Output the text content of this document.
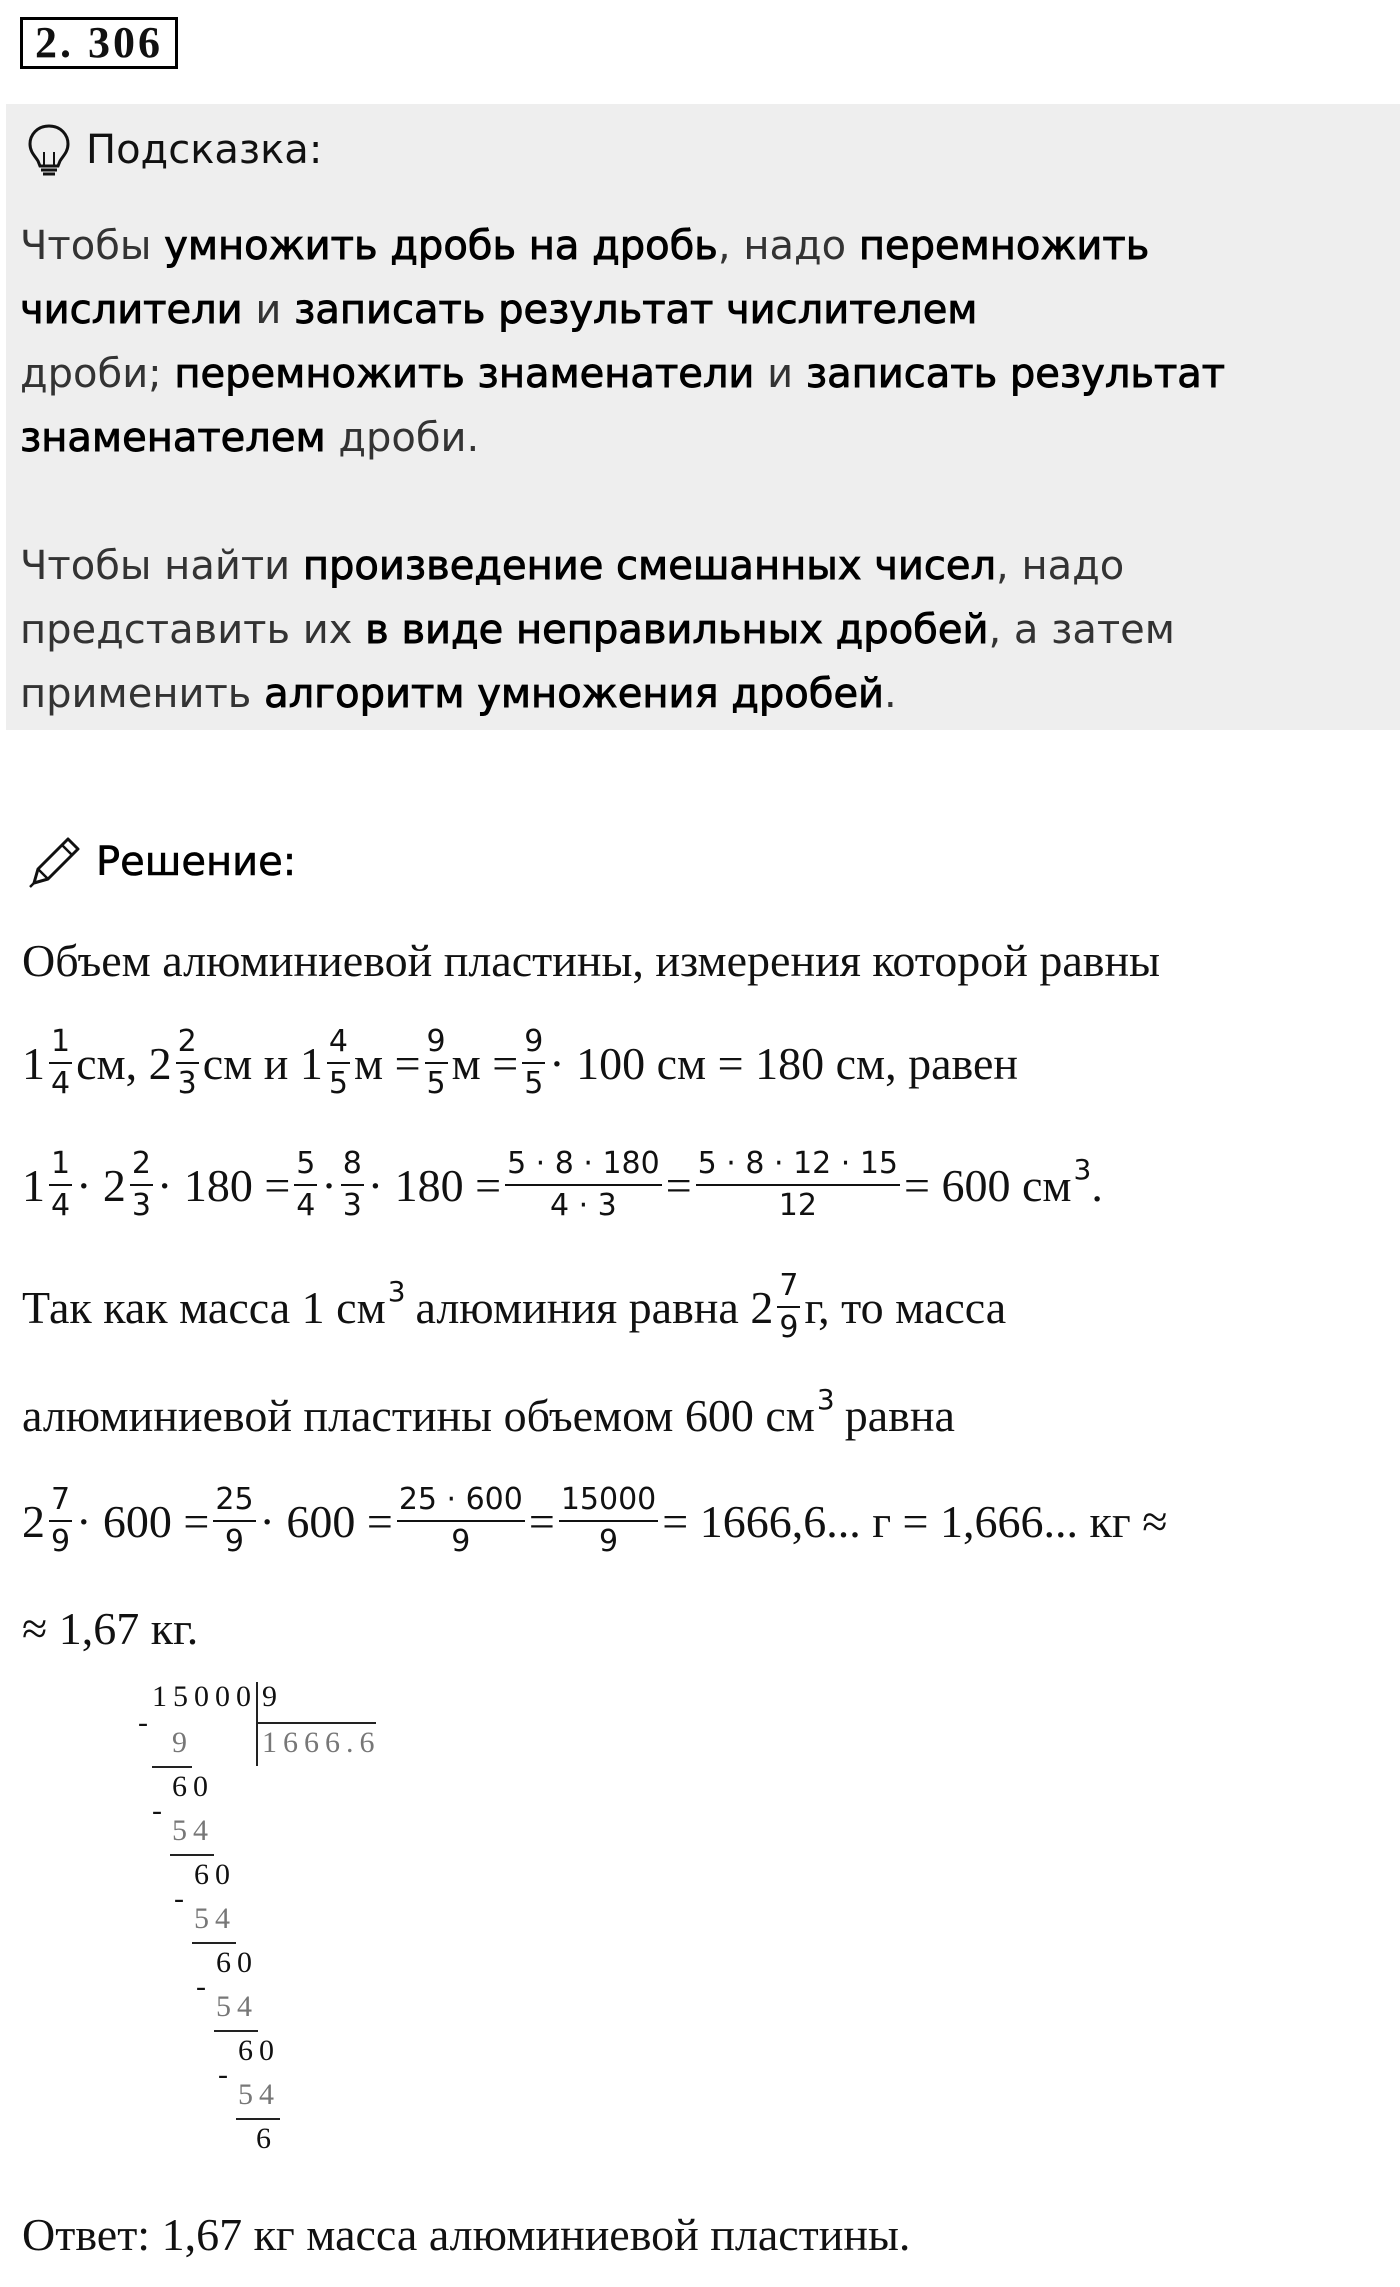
2. 306
Подсказка:
Чтобы умножить дробь на дробь, надо перемножить
числители и записать результат числителем
дроби; перемножить знаменатели и записать результат
знаменателем дроби.
Чтобы найти произведение смешанных чисел, надо
представить их в виде неправильных дробей, а затем
применить алгоритм умножения дробей.
Решение:
Объем алюминиевой пластины, измерения которой равны
$1 \frac{1}{4}$ см, $2 \frac{2}{3}$ см и $1 \frac{4}{5}$ $м = \frac{9}{5}$ $м = \frac{9}{5} \cdot 100$ см = 180 см, равен
$1 \frac{1}{4} \cdot 2 \frac{2}{3} \cdot 180 = \frac{5}{4} \cdot \frac{8}{3} \cdot 180 = \frac{5 \cdot 8 \cdot 180}{4 \cdot 3} = \frac{5 \cdot 8 \cdot 12 \cdot 15}{12} = 600$ см 3 .
Так как масса 1 см 3 алюминия равна $2 \frac{7}{9} г$, то масса
алюминиевой пластины объемом 600 см 3 равна
$2 \frac{7}{9} \cdot 600 = \frac{25}{9} \cdot 600 = \frac{25 \cdot 600}{9} = \frac{15000}{9} = 1666,6$... г = 1,666... кг ≈
≈ 1,67 кг.
15000 9
1666.6
-
9
60
-
54
60
-
54
60
-
54
60
-
54
6
Ответ: 1,67 кг масса алюминиевой пластины.
